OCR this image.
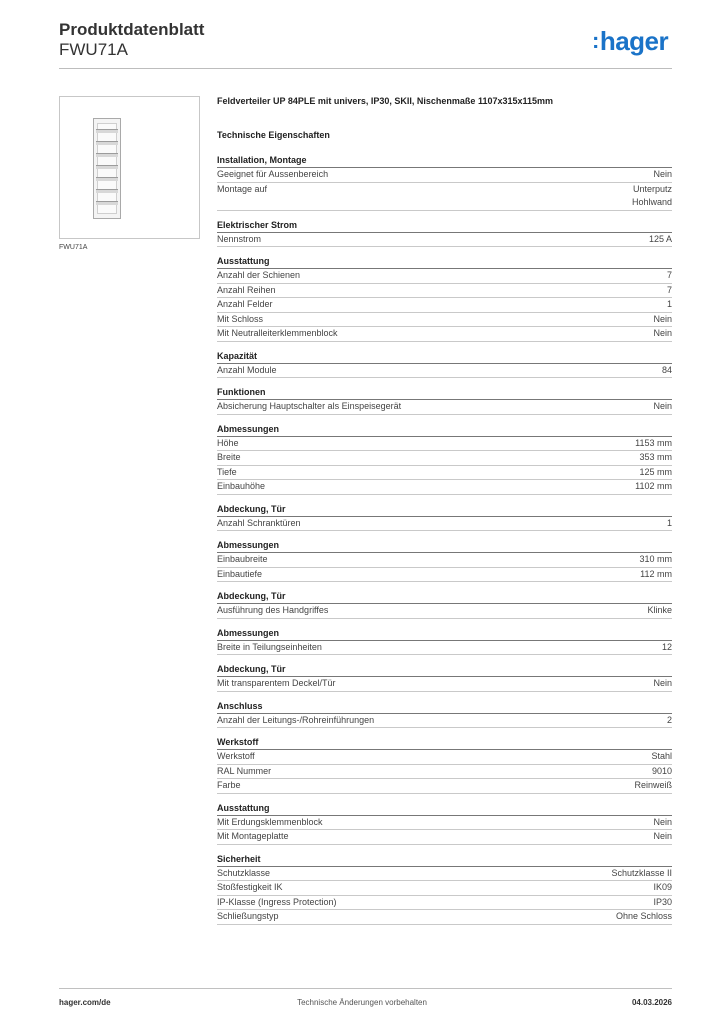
Produktdatenblatt
FWU71A	:hager
FWU71A
Feldverteiler UP 84PLE mit univers, IP30, SKII, Nischenmaße 1107x315x115mm
Technische Eigenschaften
Installation, Montage
Geeignet für Aussenbereich	Nein
Montage auf	Unterputz
Hohlwand
Elektrischer Strom
Nennstrom	125 A
Ausstattung
Anzahl der Schienen	7
Anzahl Reihen	7
Anzahl Felder	1
Mit Schloss	Nein
Mit Neutralleiterklemmenblock	Nein
Kapazität
Anzahl Module	84
Funktionen
Absicherung Hauptschalter als Einspeisegerät	Nein
Abmessungen
Höhe	1153 mm
Breite	353 mm
Tiefe	125 mm
Einbauhöhe	1102 mm
Abdeckung, Tür
Anzahl Schranktüren	1
Abmessungen
Einbaubreite	310 mm
Einbautiefe	112 mm
Abdeckung, Tür
Ausführung des Handgriffes	Klinke
Abmessungen
Breite in Teilungseinheiten	12
Abdeckung, Tür
Mit transparentem Deckel/Tür	Nein
Anschluss
Anzahl der Leitungs-/Rohreinführungen	2
Werkstoff
Werkstoff	Stahl
RAL Nummer	9010
Farbe	Reinweiß
Ausstattung
Mit Erdungsklemmenblock	Nein
Mit Montageplatte	Nein
Sicherheit
Schutzklasse	Schutzklasse II
Stoßfestigkeit IK	IK09
IP-Klasse (Ingress Protection)	IP30
Schließungstyp	Ohne Schloss
hager.com/de	Technische Änderungen vorbehalten	04.03.2026
